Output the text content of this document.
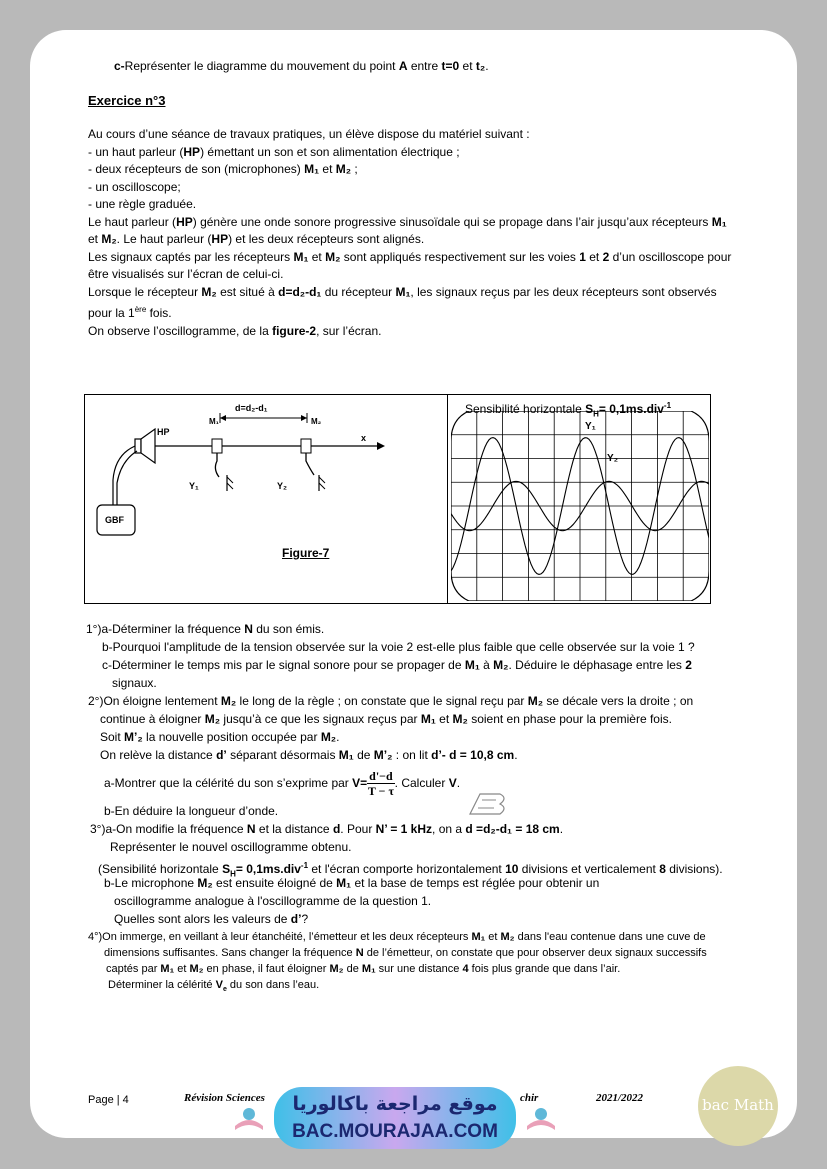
c-Représenter le diagramme du mouvement du point A entre t=0 et t₂.
Exercice n°3
Au cours d’une séance de travaux pratiques, un élève dispose du matériel suivant :
- un haut parleur (HP) émettant un son et son alimentation électrique ;
- deux récepteurs de son (microphones) M₁ et M₂ ;
- un oscilloscope;
- une règle graduée.
Le haut parleur (HP) génère une onde sonore progressive sinusoïdale qui se propage dans l’air jusqu’aux récepteurs M₁
et M₂. Le haut parleur (HP) et les deux récepteurs sont alignés.
Les signaux captés par les récepteurs M₁ et M₂ sont appliqués respectivement sur les voies 1 et 2 d’un oscilloscope pour
être visualisés sur l’écran de celui-ci.
Lorsque le récepteur M₂ est situé à d=d₂-d₁ du récepteur M₁, les signaux reçus par les deux récepteurs sont observés
pour la 1ère fois.
On observe l’oscillogramme, de la figure-2, sur l’écran.
d=d₂-d₁
HP
M₁	M₂
x
Y₁	Y₂
GBF
Figure-7
Sensibilité horizontale $S_H= 0,1ms.div^{-1}$
Y₁
Y₂
1°)a-Déterminer la fréquence N du son émis.
b-Pourquoi l'amplitude de la tension observée sur la voie 2 est-elle plus faible que celle observée sur la voie 1 ?
c-Déterminer le temps mis par le signal sonore pour se propager de M₁ à M₂. Déduire le déphasage entre les 2
signaux.
2°)On éloigne lentement M₂ le long de la règle ; on constate que le signal reçu par M₂ se décale vers la droite ; on
continue à éloigner M₂ jusqu’à ce que les signaux reçus par M₁ et M₂ soient en phase pour la première fois.
Soit M’₂ la nouvelle position occupée par M₂.
On relève la distance d’ séparant désormais M₁ de M’₂ : on lit d’- d = 10,8 cm.
a-Montrer que la célérité du son s’exprime par $V= \frac{d'-d}{T - \tau}$ . Calculer V.
b-En déduire la longueur d’onde.
3°)a-On modifie la fréquence N et la distance d. Pour N’ = 1 kHz, on a d =d₂-d₁ = 18 cm.
Représenter le nouvel oscillogramme obtenu.
(Sensibilité horizontale $S_H= 0,1ms.div^{-1}$ et l'écran comporte horizontalement 10 divisions et verticalement 8 divisions).
b-Le microphone M₂ est ensuite éloigné de M₁ et la base de temps est réglée pour obtenir un
oscillogramme analogue à l'oscillogramme de la question 1.
Quelles sont alors les valeurs de d’?
4°)On immerge, en veillant à leur étanchéité, l’émetteur et les deux récepteurs M₁ et M₂ dans l'eau contenue dans une cuve de
dimensions suffisantes. Sans changer la fréquence N de l’émetteur, on constate que pour observer deux signaux successifs
captés par M₁ et M₂ en phase, il faut éloigner M₂ de M₁ sur une distance 4 fois plus grande que dans l’air.
Déterminer la célérité $V_e$ du son dans l’eau.
Page | 4	Révision Sciences	chir	2021/2022
موقع مراجعة باكالوريا
BAC.MOURAJAA.COM
bac Math
